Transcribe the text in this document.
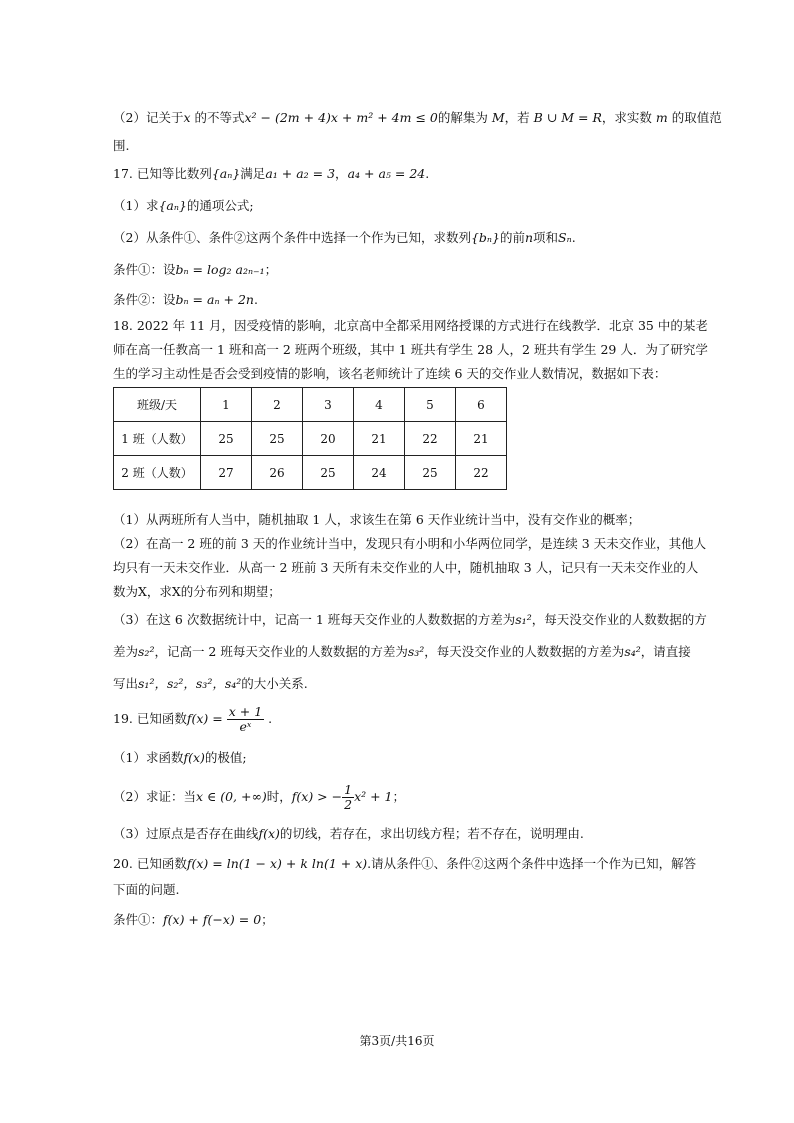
（2）记关于x 的不等式x² − (2m + 4)x + m² + 4m ≤ 0的解集为 M，若 B ∪ M = R，求实数 m 的取值范
围.
17. 已知等比数列{aₙ}满足a₁ + a₂ = 3，a₄ + a₅ = 24.
（1）求{aₙ}的通项公式;
（2）从条件①、条件②这两个条件中选择一个作为已知，求数列{bₙ}的前n项和Sₙ.
条件①：设bₙ = log₂ a₂ₙ₋₁；
条件②：设bₙ = aₙ + 2n.
18. 2022 年 11 月，因受疫情的影响，北京高中全都采用网络授课的方式进行在线教学．北京 35 中的某老
师在高一任教高一 1 班和高一 2 班两个班级，其中 1 班共有学生 28 人，2 班共有学生 29 人．为了研究学
生的学习主动性是否会受到疫情的影响，该名老师统计了连续 6 天的交作业人数情况，数据如下表：
班级/天	1	2	3	4	5	6
1 班（人数）	25	25	20	21	22	21
2 班（人数）	27	26	25	24	25	22
（1）从两班所有人当中，随机抽取 1 人，求该生在第 6 天作业统计当中，没有交作业的概率；
（2）在高一 2 班的前 3 天的作业统计当中，发现只有小明和小华两位同学，是连续 3 天未交作业，其他人
均只有一天未交作业．从高一 2 班前 3 天所有未交作业的人中，随机抽取 3 人，记只有一天未交作业的人
数为X，求X的分布列和期望；
（3）在这 6 次数据统计中，记高一 1 班每天交作业的人数数据的方差为s₁²，每天没交作业的人数数据的方
差为s₂²，记高一 2 班每天交作业的人数数据的方差为s₃²，每天没交作业的人数数据的方差为s₄²，请直接
写出s₁²，s₂²，s₃²，s₄²的大小关系.
19. 已知函数$f(x) = \frac{x + 1}{\text{eˣ}}$ .
（1）求函数f(x)的极值;
（2）求证：当x ∈ (0, +∞)时，f(x) > − $\frac{1}{2} x^2 + 1$；
（3）过原点是否存在曲线f(x)的切线，若存在，求出切线方程；若不存在，说明理由.
20. 已知函数f(x) = ln(1 − x) + k ln(1 + x).请从条件①、条件②这两个条件中选择一个作为已知，解答
下面的问题.
条件①：f(x) + f(−x) = 0；
第3页/共16页
